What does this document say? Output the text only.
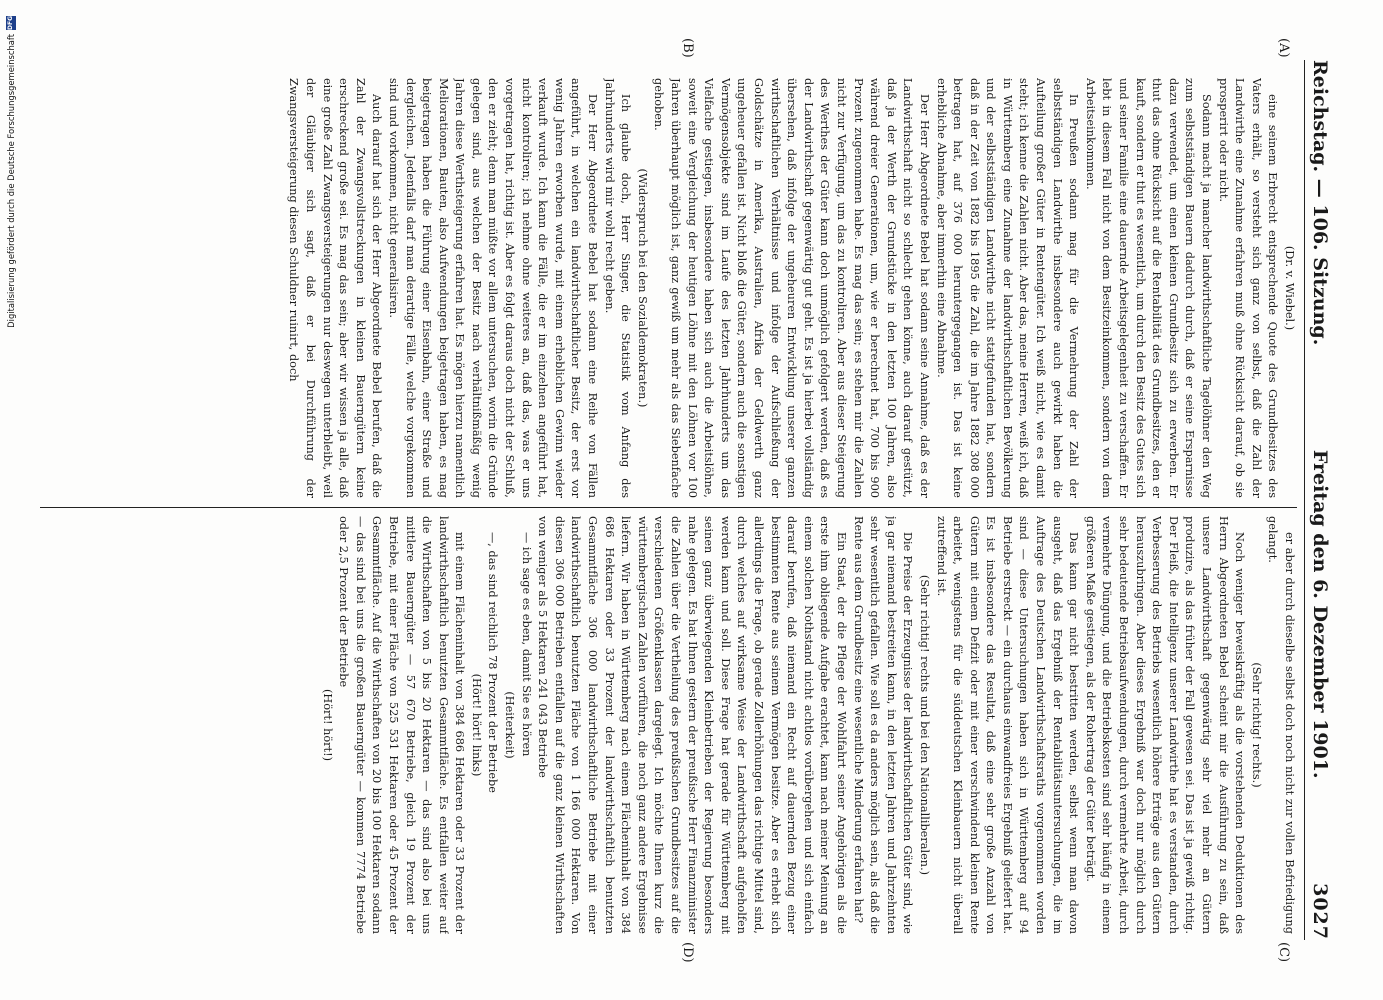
Reichstag. — 106. Sitzung.
Freitag den 6. Dezember 1901.
3027
(A)
(B)
(C)
(D)

(Dr. v. Wiebel.)

eine seinem Erbrecht entsprechende Quote des Grundbesitzes des Vaters erhält, so versteht sich ganz von selbst, daß die Zahl der Landwirthe eine Zunahme erfahren muß ohne Rücksicht darauf, ob sie prosperirt oder nicht.

Sodann macht ja mancher landwirthschaftliche Tagelöhner den Weg zum selbstständigen Bauern dadurch durch, daß er seine Ersparnisse dazu verwendet, um einen kleinen Grundbesitz sich zu erwerben. Er thut das ohne Rücksicht auf die Rentabilität des Grundbesitzes, den er kauft, sondern er thut es wesentlich, um durch den Besitz des Gutes sich und seiner Familie eine dauernde Arbeitsgelegenheit zu verschaffen. Er lebt in diesem Fall nicht von dem Besitzeinkommen, sondern von dem Arbeitseinkommen.

In Preußen sodann mag für die Vermehrung der Zahl der selbstständigen Landwirthe insbesondere auch gewirkt haben die Aufteilung großer Güter in Rentengüter. Ich weiß nicht, wie es damit steht; ich kenne die Zahlen nicht. Aber das, meine Herren, weiß ich, daß in Württemberg eine Zunahme der landwirthschaftlichen Bevölkerung und der selbstständigen Landwirthe nicht stattgefunden hat, sondern daß in der Zeit von 1882 bis 1895 die Zahl, die im Jahre 1882 308 000 betragen hat, auf 376 000 heruntergegangen ist. Das ist keine erhebliche Abnahme, aber immerhin eine Abnahme.

Der Herr Abgeordnete Bebel hat sodann seine Annahme, daß es der Landwirthschaft nicht so schlecht gehen könne, auch darauf gestützt, daß ja der Werth der Grundstücke in den letzten 100 Jahren, also während dreier Generationen, um, wie er berechnet hat, 700 bis 900 Prozent zugenommen habe. Es mag das sein; es stehen mir die Zahlen nicht zur Verfügung, um das zu kontroliren. Aber aus dieser Steigerung des Werthes der Güter kann doch unmöglich gefolgert werden, daß es der Landwirthschaft gegenwärtig gut geht. Es ist ja hierbei vollständig übersehen, daß infolge der ungeheuren Entwicklung unserer ganzen wirthschaftlichen Verhältnisse und infolge der Aufschließung der Goldschätze in Amerika, Australien, Afrika der Geldwerth ganz ungeheuer gefallen ist. Nicht bloß die Güter, sondern auch die sonstigen Vermögensobjekte sind im Laufe des letzten Jahrhunderts um das Vielfache gestiegen, insbesondere haben sich auch die Arbeitslöhne, soweit eine Vergleichung der heutigen Löhne mit den Löhnen vor 100 Jahren überhaupt möglich ist, ganz gewiß um mehr als das Siebenfache gehoben.

(Widerspruch bei den Sozialdemokraten.)

Ich glaube doch, Herr Singer, die Statistik vom Anfang des Jahrhunderts wird mir wohl recht geben.

Der Herr Abgeordnete Bebel hat sodann eine Reihe von Fällen angeführt, in welchen ein landwirthschaftlicher Besitz, der erst vor wenig Jahren erworben wurde, mit einem erheblichen Gewinn wieder verkauft wurde. Ich kann die Fälle, die er im einzelnen angeführt hat, nicht kontroliren; ich nehme ohne weiteres an, daß das, was er uns vorgetragen hat, richtig ist. Aber es folgt daraus doch nicht der Schluß, den er zieht; denn man müßte vor allem untersuchen, worin die Gründe gelegen sind, aus welchen der Besitz nach verhältnißmäßig wenig Jahren diese Werthsteigerung erfahren hat. Es mögen hierzu namentlich Meliorationen, Bauten, also Aufwendungen beigetragen haben, es mag beigetragen haben die Führung einer Eisenbahn, einer Straße und dergleichen. Jedenfalls darf man derartige Fälle, welche vorgekommen sind und vorkommen, nicht generalisiren.

Auch darauf hat sich der Herr Abgeordnete Bebel berufen, daß die Zahl der Zwangsvollstreckungen in kleinen Bauerngütern keine erschreckend große sei. Es mag das sein; aber wir wissen ja alle, daß eine große Zahl Zwangsversteigerungen nur deswegen unterbleibt, weil der Gläubiger sich sagt, daß er bei Durchführung der Zwangsversteigerung diesen Schuldner ruinirt, doch

er aber durch dieselbe selbst doch noch nicht zur vollen Befriedigung gelangt.

(Sehr richtig! rechts.)

Noch weniger beweiskräftig als die vorstehenden Deduktionen des Herrn Abgeordneten Bebel scheint mir die Ausführung zu sein, daß unsere Landwirthschaft gegenwärtig sehr viel mehr an Gütern produzire, als das früher der Fall gewesen sei. Das ist ja gewiß richtig. Der Fleiß, die Intelligenz unserer Landwirthe hat es verstanden, durch Verbesserung des Betriebs wesentlich höhere Erträge aus den Gütern herauszubringen. Aber dieses Ergebniß war doch nur möglich durch sehr bedeutende Betriebsaufwendungen, durch vermehrte Arbeit, durch vermehrte Düngung, und die Betriebskosten sind sehr häufig in einem größeren Maße gestiegen, als der Rohertrag der Güter beträgt.

Das kann gar nicht bestritten werden, selbst wenn man davon ausgeht, daß das Ergebniß der Rentabilitätsuntersuchungen, die im Auftrage des Deutschen Landwirthschaftsraths vorgenommen worden sind — diese Untersuchungen haben sich in Württemberg auf 94 Betriebe erstreckt — ein durchaus einwandfreies Ergebniß geliefert hat. Es ist insbesondere das Resultat, daß eine sehr große Anzahl von Gütern mit einem Defizit oder mit einer verschwindend kleinen Rente arbeitet, wenigstens für die süddeutschen Kleinbauern nicht überall zutreffend ist.

(Sehr richtig! rechts und bei den Nationalliberalen.)

Die Preise der Erzeugnisse der landwirthschaftlichen Güter sind, wie ja gar niemand bestreiten kann, in den letzten Jahren und Jahrzehnten sehr wesentlich gefallen. Wie soll es da anders möglich sein, als daß die Rente aus dem Grundbesitz eine wesentliche Minderung erfahren hat?

Ein Staat, der die Pflege der Wohlfahrt seiner Angehörigen als die erste ihm obliegende Aufgabe erachtet, kann nach meiner Meinung an einem solchen Nothstand nicht achtlos vorübergehen und sich einfach darauf berufen, daß niemand ein Recht auf dauernden Bezug einer bestimmten Rente aus seinem Vermögen besitze. Aber es erhebt sich allerdings die Frage, ob gerade Zollerhöhungen das richtige Mittel sind, durch welches auf wirksame Weise der Landwirthschaft aufgeholfen werden kann und soll. Diese Frage hat gerade für Württemberg mit seinen ganz überwiegenden Kleinbetrieben der Regierung besonders nahe gelegen. Es hat Ihnen gestern der preußische Herr Finanzminister die Zahlen über die Vertheilung des preußischen Grundbesitzes auf die verschiedenen Größenklassen dargelegt. Ich möchte Ihnen kurz die württembergischen Zahlen vorführen, die noch ganz andere Ergebnisse liefern. Wir haben in Württemberg nach einem Flächeninhalt von 384 686 Hektaren oder 33 Prozent der landwirthschaftlich benutzten Gesammtfläche 306 000 landwirthschaftliche Betriebe mit einer landwirthschaftlich benutzten Fläche von 1 166 000 Hektaren. Von diesen 306 000 Betrieben entfallen auf die ganz kleinen Wirthschaften von weniger als 5 Hektaren 241 043 Betriebe

— ich sage es eben, damit Sie es hören

(Heiterkeit)

—, das sind reichlich 78 Prozent der Betriebe

(Hört! hört! links)

mit einem Flächeninhalt von 384 686 Hektaren oder 33 Prozent der landwirthschaftlich benutzten Gesammtfläche. Es entfallen weiter auf die Wirthschaften von 5 bis 20 Hektaren — das sind also bei uns mittlere Bauerngüter — 57 670 Betriebe, gleich 19 Prozent der Betriebe, mit einer Fläche von 525 531 Hektaren oder 45 Prozent der Gesammtfläche. Auf die Wirthschaften von 20 bis 100 Hektaren sodann — das sind bei uns die großen Bauerngüter — kommen 7774 Betriebe oder 2,5 Prozent der Betriebe

(Hört! hört!)

Digitalisierung gefördert durch die Deutsche Forschungsgemeinschaft
DFG
